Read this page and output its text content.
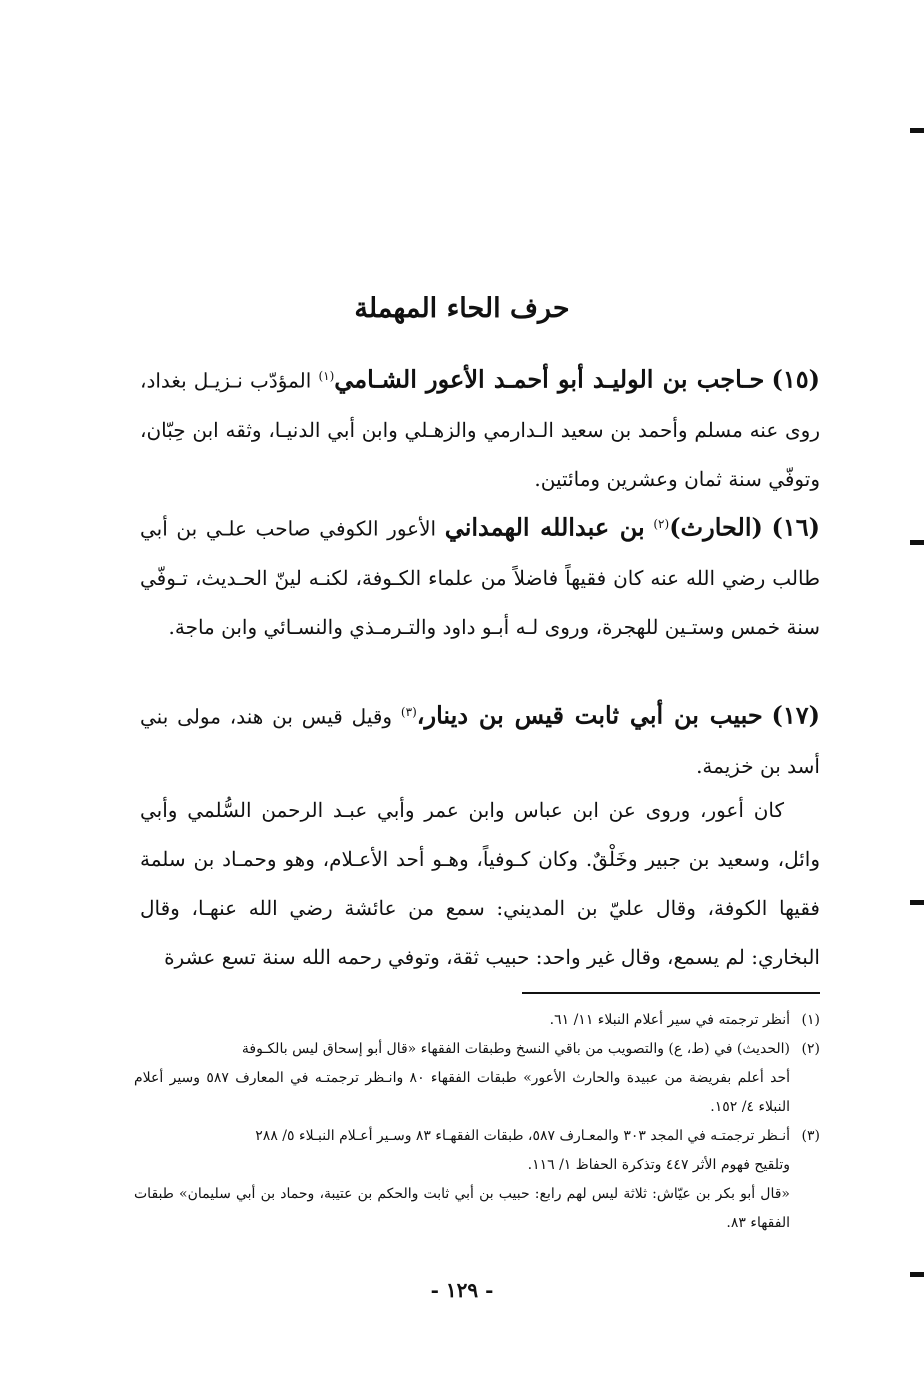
حرف الحاء المهملة

(١٥) حـاجب بن الوليـد أبو أحمـد الأعور الشـامي$^{(١)}$ المؤدّب نـزيـل بغداد، روى عنه مسلم وأحمد بن سعيد الـدارمي والزهـلي وابن أبي الدنيـا، وثقه ابن حِبّان، وتوفّي سنة ثمان وعشرين ومائتين.

(١٦) (الحارث)$^{(٢)}$ بن عبدالله الهمداني الأعور الكوفي صاحب علـي بن أبي طالب رضي الله عنه كان فقيهاً فاضلاً من علماء الكـوفة، لكنـه لينّ الحـديث، تـوفّي سنة خمس وستـين للهجرة، وروى لـه أبـو داود والتـرمـذي والنسـائي وابن ماجة.

(١٧) حبيب بن أبي ثابت قيس بن دينار،$^{(٣)}$ وقيل قيس بن هند، مولى بني أسد بن خزيمة.

كان أعور، وروى عن ابن عباس وابن عمر وأبي عبـد الرحمن السُّلمي وأبي وائل، وسعيد بن جبير وخَلْقٌ. وكان كـوفياً، وهـو أحد الأعـلام، وهو وحمـاد بن سلمة فقيها الكوفة، وقال عليّ بن المديني: سمع من عائشة رضي الله عنهـا، وقال البخاري: لم يسمع، وقال غير واحد: حبيب ثقة، وتوفي رحمه الله سنة تسع عشرة

(١)
أنظر ترجمته في سير أعلام النبلاء ١١/ ٦١.
(٢)
(الحديث) في (ط، ع) والتصويب من باقي النسخ وطبقات الفقهاء «قال أبو إسحاق ليس بالكـوفة
أحد أعلم بفريضة من عبيدة والحارث الأعور» طبقات الفقهاء ٨٠ وانـظر ترجمتـه في المعارف ٥٨٧ وسير أعلام النبلاء ٤/ ١٥٢.
(٣)
أنـظر ترجمتـه في المجد ٣٠٣ والمعـارف ٥٨٧، طبقات الفقهـاء ٨٣ وسـير أعـلام النبـلاء ٥/ ٢٨٨
وتلقيح فهوم الأثر ٤٤٧ وتذكرة الحفاظ ١/ ١١٦.
«قال أبو بكر بن عيّاش: ثلاثة ليس لهم رابع: حبيب بن أبي ثابت والحكم بن عتيبة، وحماد بن أبي سليمان» طبقات الفقهاء ٨٣.
- ١٢٩ -
